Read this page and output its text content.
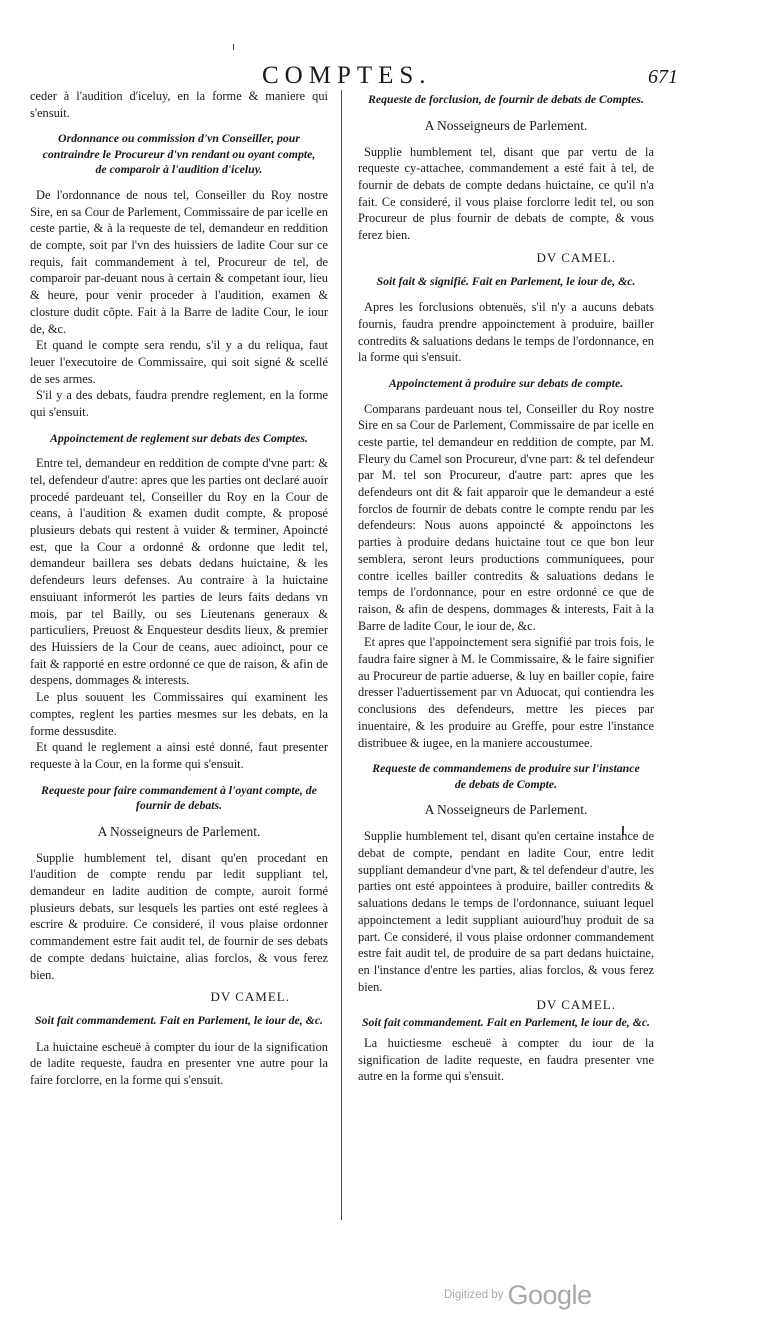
COMPTES.	671

ceder à l'audition d'iceluy, en la forme & maniere qui s'ensuit.

Ordonnance ou commission d'vn Conseiller, pour contraindre le Procureur d'vn rendant ou oyant compte, de comparoir à l'audition d'iceluy.

De l'ordonnance de nous tel, Conseiller du Roy nostre Sire, en sa Cour de Parlement, Commissaire de par icelle en ceste partie, & à la requeste de tel, demandeur en reddition de compte, soit par l'vn des huissiers de ladite Cour sur ce requis, fait commandement à tel, Procureur de tel, de comparoir par-deuant nous à certain & competant iour, lieu & heure, pour venir proceder à l'audition, examen & closture dudit cõpte. Fait à la Barre de ladite Cour, le iour de, &c.

Et quand le compte sera rendu, s'il y a du reliqua, faut leuer l'executoire de Commissaire, qui soit signé & scellé de ses armes.

S'il y a des debats, faudra prendre reglement, en la forme qui s'ensuit.

Appoinctement de reglement sur debats des Comptes.

Entre tel, demandeur en reddition de compte d'vne part: & tel, defendeur d'autre: apres que les parties ont declaré auoir procedé pardeuant tel, Conseiller du Roy en la Cour de ceans, à l'audition & examen dudit compte, & proposé plusieurs debats qui restent à vuider & terminer, Apoincté est, que la Cour a ordonné & ordonne que ledit tel, demandeur baillera ses debats dedans huictaine, & les defendeurs leurs defenses. Au contraire à la huictaine ensuiuant informerót les parties de leurs faits dedans vn mois, par tel Bailly, ou ses Lieutenans generaux & particuliers, Preuost & Enquesteur desdits lieux, & premier des Huissiers de la Cour de ceans, auec adioinct, pour ce fait & rapporté en estre ordonné ce que de raison, & afin de despens, dommages & interests.

Le plus souuent les Commissaires qui examinent les comptes, reglent les parties mesmes sur les debats, en la forme dessusdite.

Et quand le reglement a ainsi esté donné, faut presenter requeste à la Cour, en la forme qui s'ensuit.

Requeste pour faire commandement à l'oyant compte, de fournir de debats.
A Nosseigneurs de Parlement.

Supplie humblement tel, disant qu'en procedant en l'audition de compte rendu par ledit suppliant tel, demandeur en ladite audition de compte, auroit formé plusieurs debats, sur lesquels les parties ont esté reglees à escrire & produire. Ce consideré, il vous plaise ordonner commandement estre fait audit tel, de fournir de ses debats de compte dedans huictaine, alias forclos, & vous ferez bien.

DV CAMEL.
Soit fait commandement. Fait en Parlement, le iour de, &c.

La huictaine escheuë à compter du iour de la signification de ladite requeste, faudra en presenter vne autre pour la faire forclorre, en la forme qui s'ensuit.

Requeste de forclusion, de fournir de debats de Comptes.
A Nosseigneurs de Parlement.

Supplie humblement tel, disant que par vertu de la requeste cy-attachee, commandement a esté fait à tel, de fournir de debats de compte dedans huictaine, ce qu'il n'a fait. Ce consideré, il vous plaise forclorre ledit tel, ou son Procureur de plus fournir de debats de compte, & vous ferez bien.

DV CAMEL.
Soit fait & signifié. Fait en Parlement, le iour de, &c.

Apres les forclusions obtenuës, s'il n'y a aucuns debats fournis, faudra prendre appoinctement à produire, bailler contredits & saluations dedans le temps de l'ordonnance, en la forme qui s'ensuit.

Appoinctement à produire sur debats de compte.

Comparans pardeuant nous tel, Conseiller du Roy nostre Sire en sa Cour de Parlement, Commissaire de par icelle en ceste partie, tel demandeur en reddition de compte, par M. Fleury du Camel son Procureur, d'vne part: & tel defendeur par M. tel son Procureur, d'autre part: apres que les defendeurs ont dit & fait apparoir que le demandeur a esté forclos de fournir de debats contre le compte rendu par les defendeurs: Nous auons appoincté & appoinctons les parties à produire dedans huictaine tout ce que bon leur semblera, seront leurs productions communiquees, pour contre icelles bailler contredits & saluations dedans le temps de l'ordonnance, pour en estre ordonné ce que de raison, & afin de despens, dommages & interests, Fait à la Barre de ladite Cour, le iour de, &c.

Et apres que l'appoinctement sera signifié par trois fois, le faudra faire signer à M. le Commissaire, & le faire signifier au Procureur de partie aduerse, & luy en bailler copie, faire dresser l'aduertissement par vn Aduocat, qui contiendra les conclusions des defendeurs, mettre les pieces par inuentaire, & les produire au Greffe, pour estre l'instance distribuee & iugee, en la maniere accoustumee.

Requeste de commandemens de produire sur l'instance de debats de Compte.
A Nosseigneurs de Parlement.

Supplie humblement tel, disant qu'en certaine instance de debat de compte, pendant en ladite Cour, entre ledit suppliant demandeur d'vne part, & tel defendeur d'autre, les parties ont esté appointees à produire, bailler contredits & saluations dedans le temps de l'ordonnance, suiuant lequel appoinctement a ledit suppliant auiourd'huy produit de sa part. Ce consideré, il vous plaise ordonner commandement estre fait audit tel, de produire de sa part dedans huictaine, en l'instance d'entre les parties, alias forclos, & vous ferez bien.

DV CAMEL.
Soit fait commandement. Fait en Parlement, le iour de, &c.

La huictiesme escheuë à compter du iour de la signification de ladite requeste, en faudra presenter vne autre en la forme qui s'ensuit.

Digitized by Google
